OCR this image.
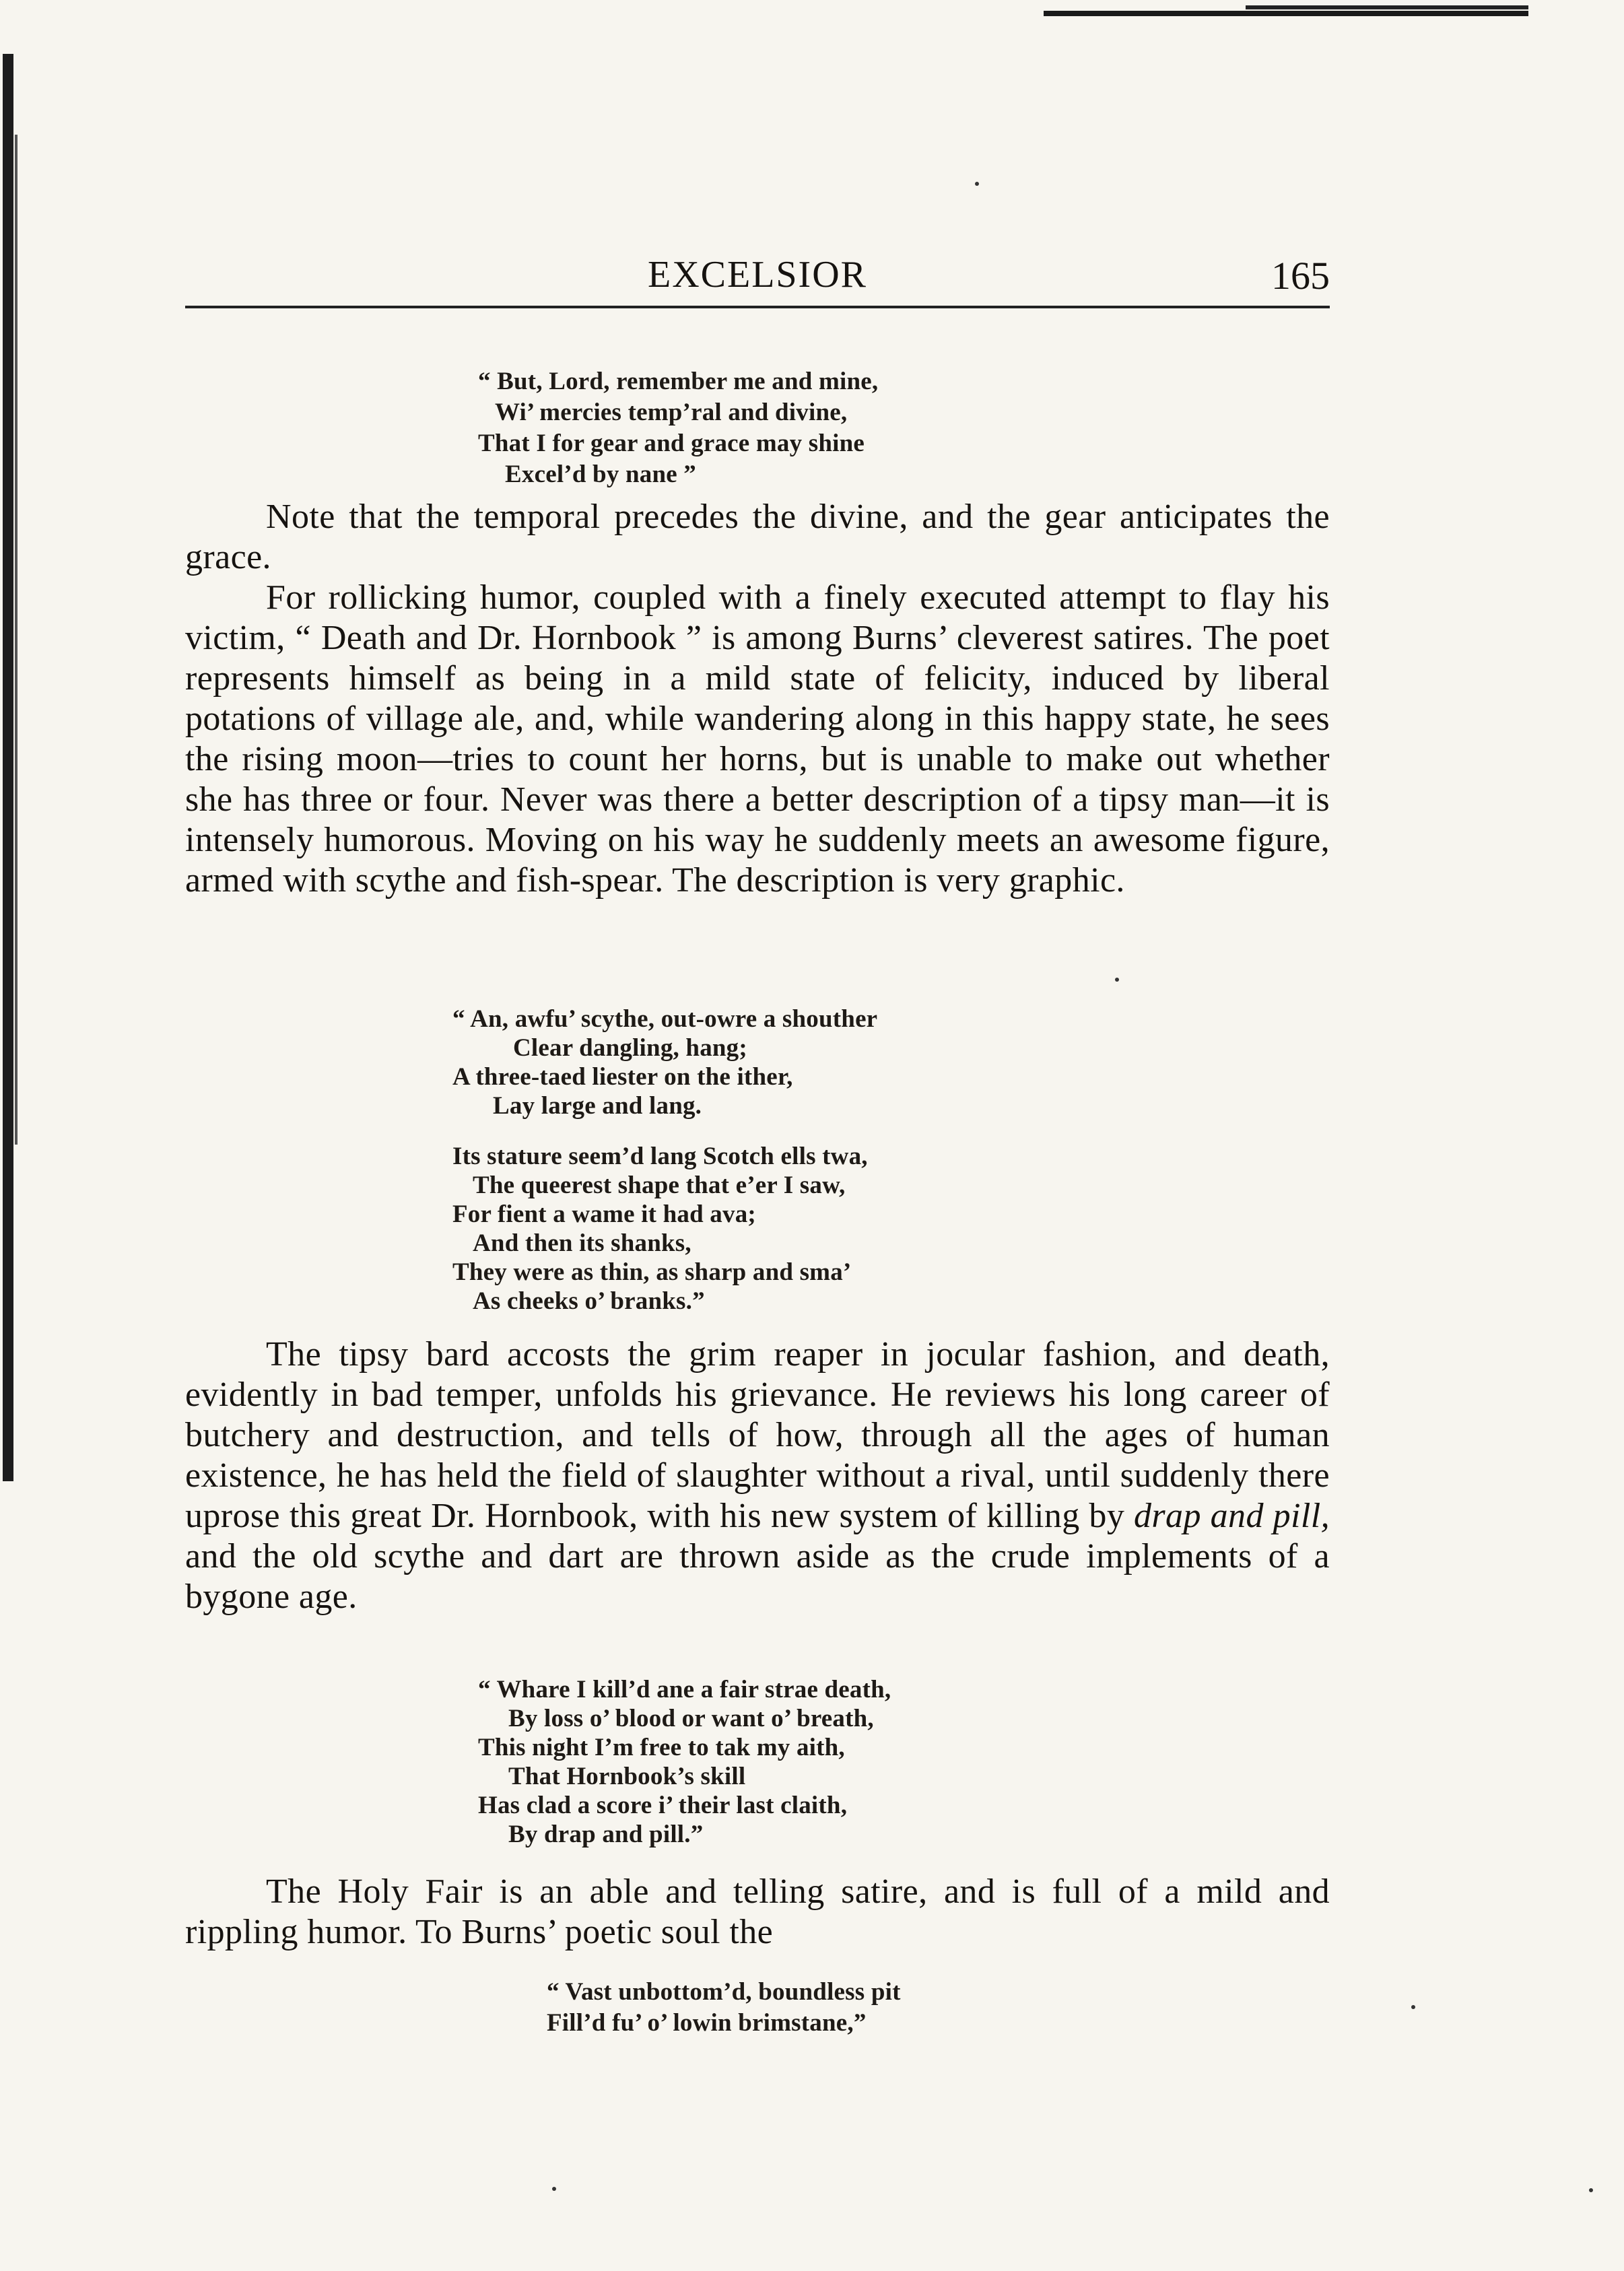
EXCELSIOR	165
“ But, Lord, remember me and mine,
Wi’ mercies temp’ral and divine,
That I for gear and grace may shine
Excel’d by nane ”

Note that the temporal precedes the divine, and the gear anticipates the grace.

For rollicking humor, coupled with a finely executed attempt to flay his victim, “ Death and Dr. Hornbook ” is among Burns’ cleverest satires. The poet represents himself as being in a mild state of felicity, induced by liberal potations of village ale, and, while wandering along in this happy state, he sees the rising moon—tries to count her horns, but is unable to make out whether she has three or four. Never was there a better description of a tipsy man—it is intensely humorous. Moving on his way he suddenly meets an awesome figure, armed with scythe and fish-spear. The description is very graphic.

“ An, awfu’ scythe, out-owre a shouther
Clear dangling, hang;
A three-taed liester on the ither,
Lay large and lang.
Its stature seem’d lang Scotch ells twa,
The queerest shape that e’er I saw,
For fient a wame it had ava;
And then its shanks,
They were as thin, as sharp and sma’
As cheeks o’ branks.”

The tipsy bard accosts the grim reaper in jocular fashion, and death, evidently in bad temper, unfolds his grievance. He reviews his long career of butchery and destruction, and tells of how, through all the ages of human existence, he has held the field of slaughter without a rival, until suddenly there uprose this great Dr. Hornbook, with his new system of killing by drap and pill, and the old scythe and dart are thrown aside as the crude implements of a bygone age.

“ Whare I kill’d ane a fair strae death,
By loss o’ blood or want o’ breath,
This night I’m free to tak my aith,
That Hornbook’s skill
Has clad a score i’ their last claith,
By drap and pill.”

The Holy Fair is an able and telling satire, and is full of a mild and rippling humor. To Burns’ poetic soul the

“ Vast unbottom’d, boundless pit
Fill’d fu’ o’ lowin brimstane,”
